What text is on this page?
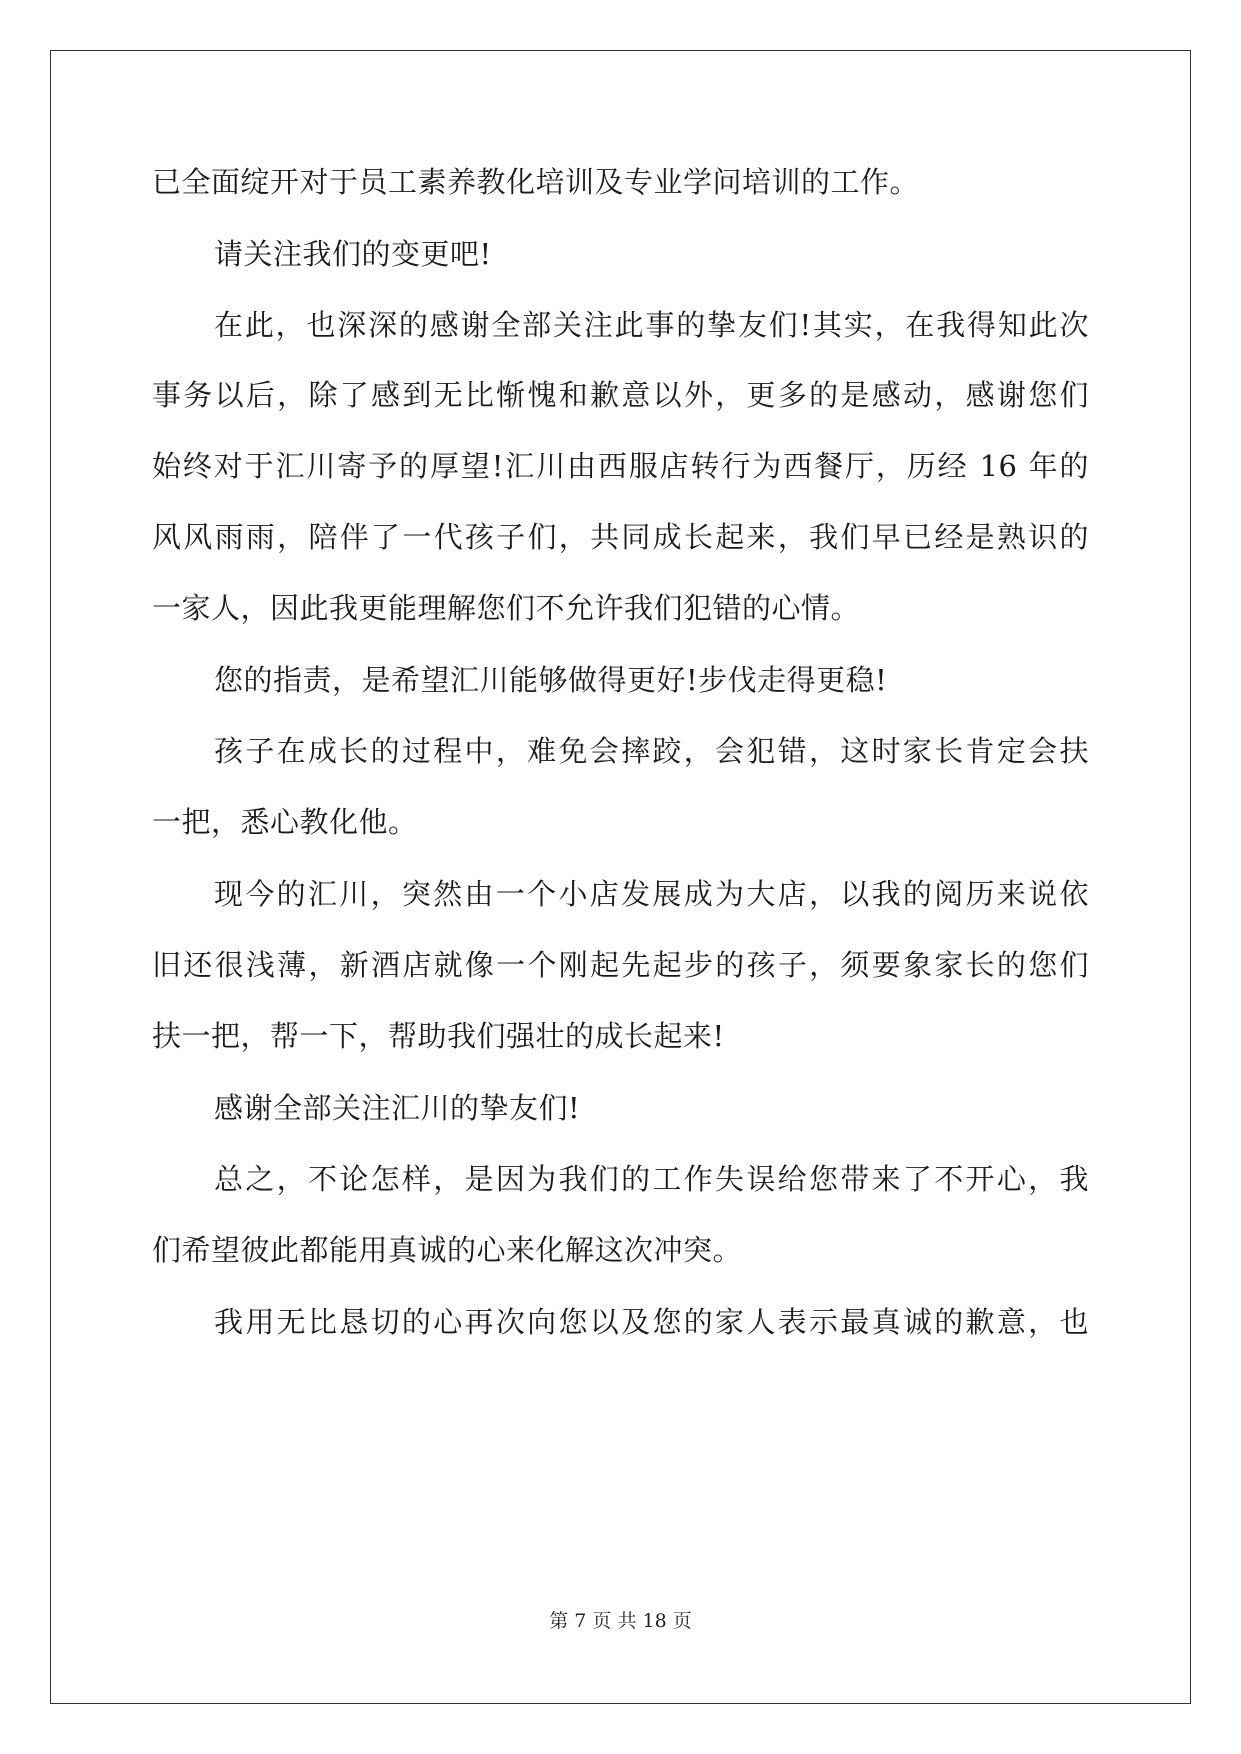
已全面绽开对于员工素养教化培训及专业学问培训的工作。
请关注我们的变更吧!
在此，也深深的感谢全部关注此事的挚友们!其实，在我得知此次
事务以后，除了感到无比惭愧和歉意以外，更多的是感动，感谢您们
始终对于汇川寄予的厚望!汇川由西服店转行为西餐厅，历经 16 年的
风风雨雨，陪伴了一代孩子们，共同成长起来，我们早已经是熟识的
一家人，因此我更能理解您们不允许我们犯错的心情。
您的指责，是希望汇川能够做得更好!步伐走得更稳!
孩子在成长的过程中，难免会摔跤，会犯错，这时家长肯定会扶
一把，悉心教化他。
现今的汇川，突然由一个小店发展成为大店，以我的阅历来说依
旧还很浅薄，新酒店就像一个刚起先起步的孩子，须要象家长的您们
扶一把，帮一下，帮助我们强壮的成长起来!
感谢全部关注汇川的挚友们!
总之，不论怎样，是因为我们的工作失误给您带来了不开心，我
们希望彼此都能用真诚的心来化解这次冲突。
我用无比恳切的心再次向您以及您的家人表示最真诚的歉意，也
第 7 页 共 18 页
